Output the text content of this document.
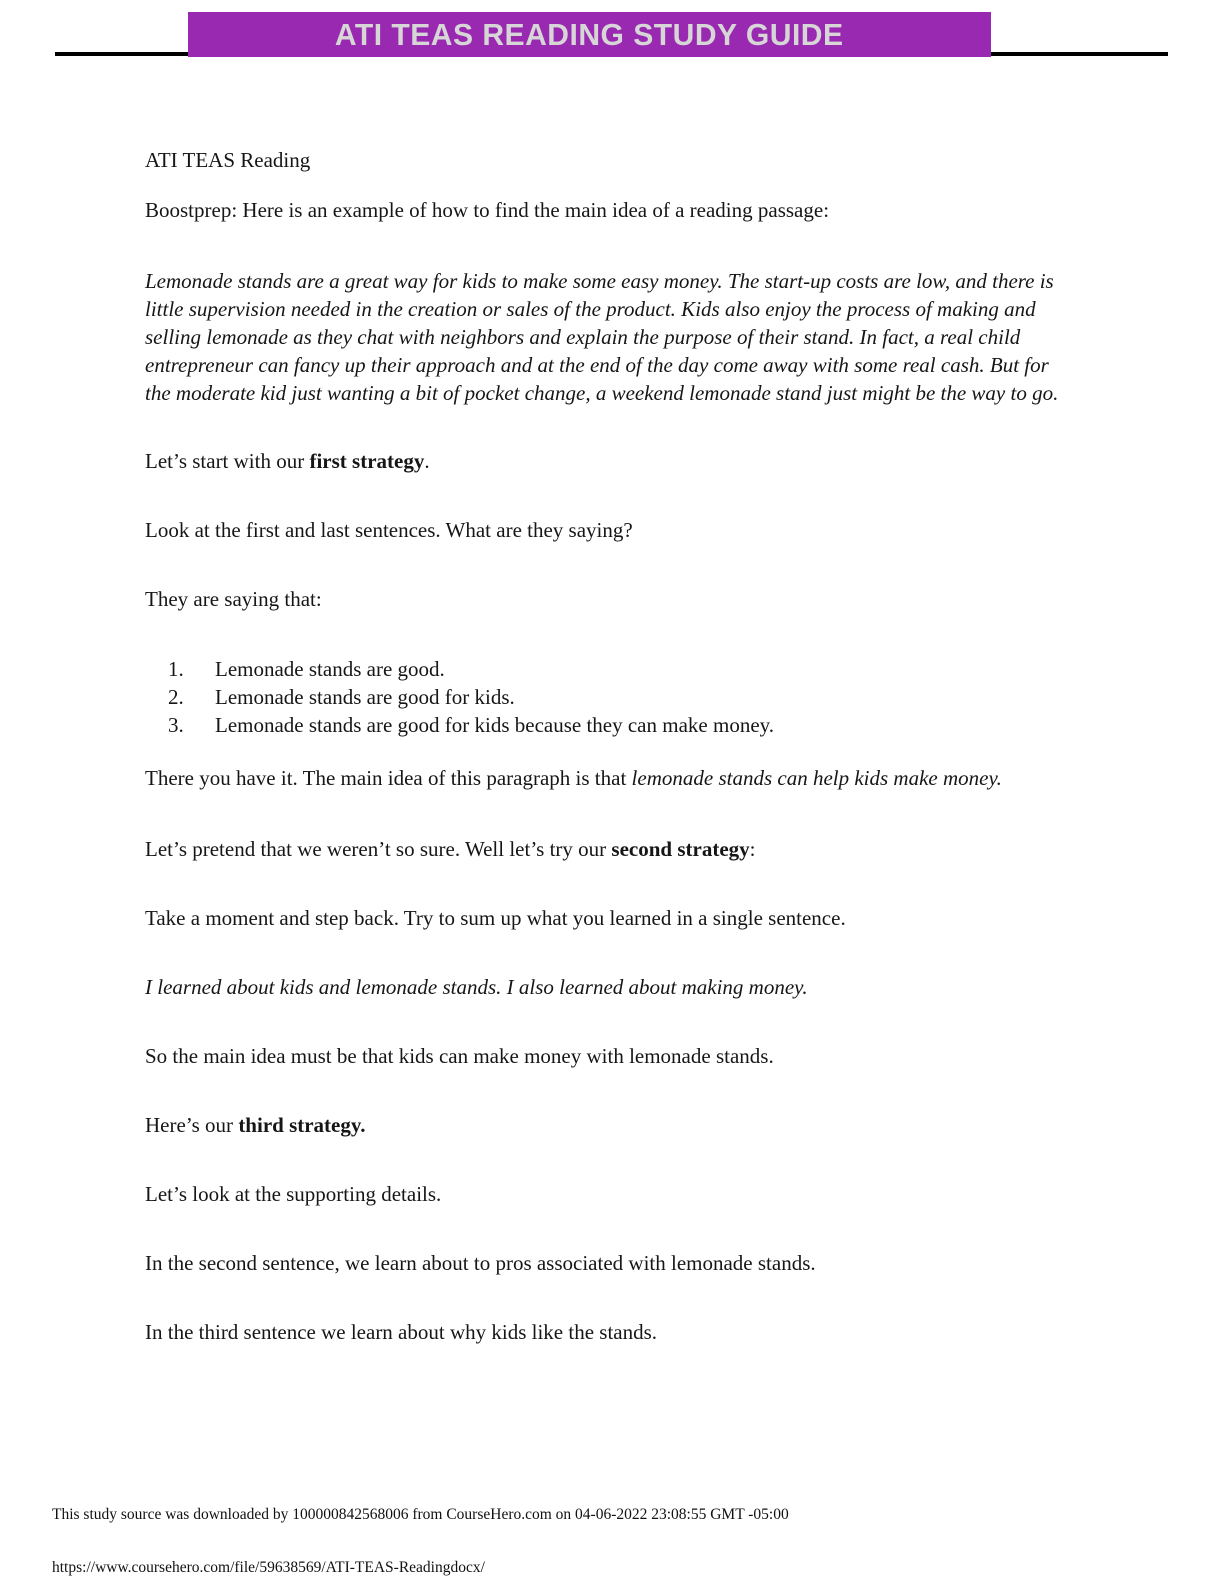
ATI TEAS READING STUDY GUIDE

ATI TEAS Reading

Boostprep: Here is an example of how to find the main idea of a reading passage:

Lemonade stands are a great way for kids to make some easy money. The start-up costs are low, and there is little supervision needed in the creation or sales of the product. Kids also enjoy the process of making and selling lemonade as they chat with neighbors and explain the purpose of their stand. In fact, a real child entrepreneur can fancy up their approach and at the end of the day come away with some real cash. But for the moderate kid just wanting a bit of pocket change, a weekend lemonade stand just might be the way to go.

Let’s start with our first strategy.

Look at the first and last sentences. What are they saying?

They are saying that:

1.	Lemonade stands are good.
2.	Lemonade stands are good for kids.
3.	Lemonade stands are good for kids because they can make money.

There you have it. The main idea of this paragraph is that lemonade stands can help kids make money.

Let’s pretend that we weren’t so sure. Well let’s try our second strategy:

Take a moment and step back. Try to sum up what you learned in a single sentence.

I learned about kids and lemonade stands. I also learned about making money.

So the main idea must be that kids can make money with lemonade stands.

Here’s our third strategy.

Let’s look at the supporting details.

In the second sentence, we learn about to pros associated with lemonade stands.

In the third sentence we learn about why kids like the stands.

This study source was downloaded by 100000842568006 from CourseHero.com on 04-06-2022 23:08:55 GMT -05:00
https://www.coursehero.com/file/59638569/ATI-TEAS-Readingdocx/
